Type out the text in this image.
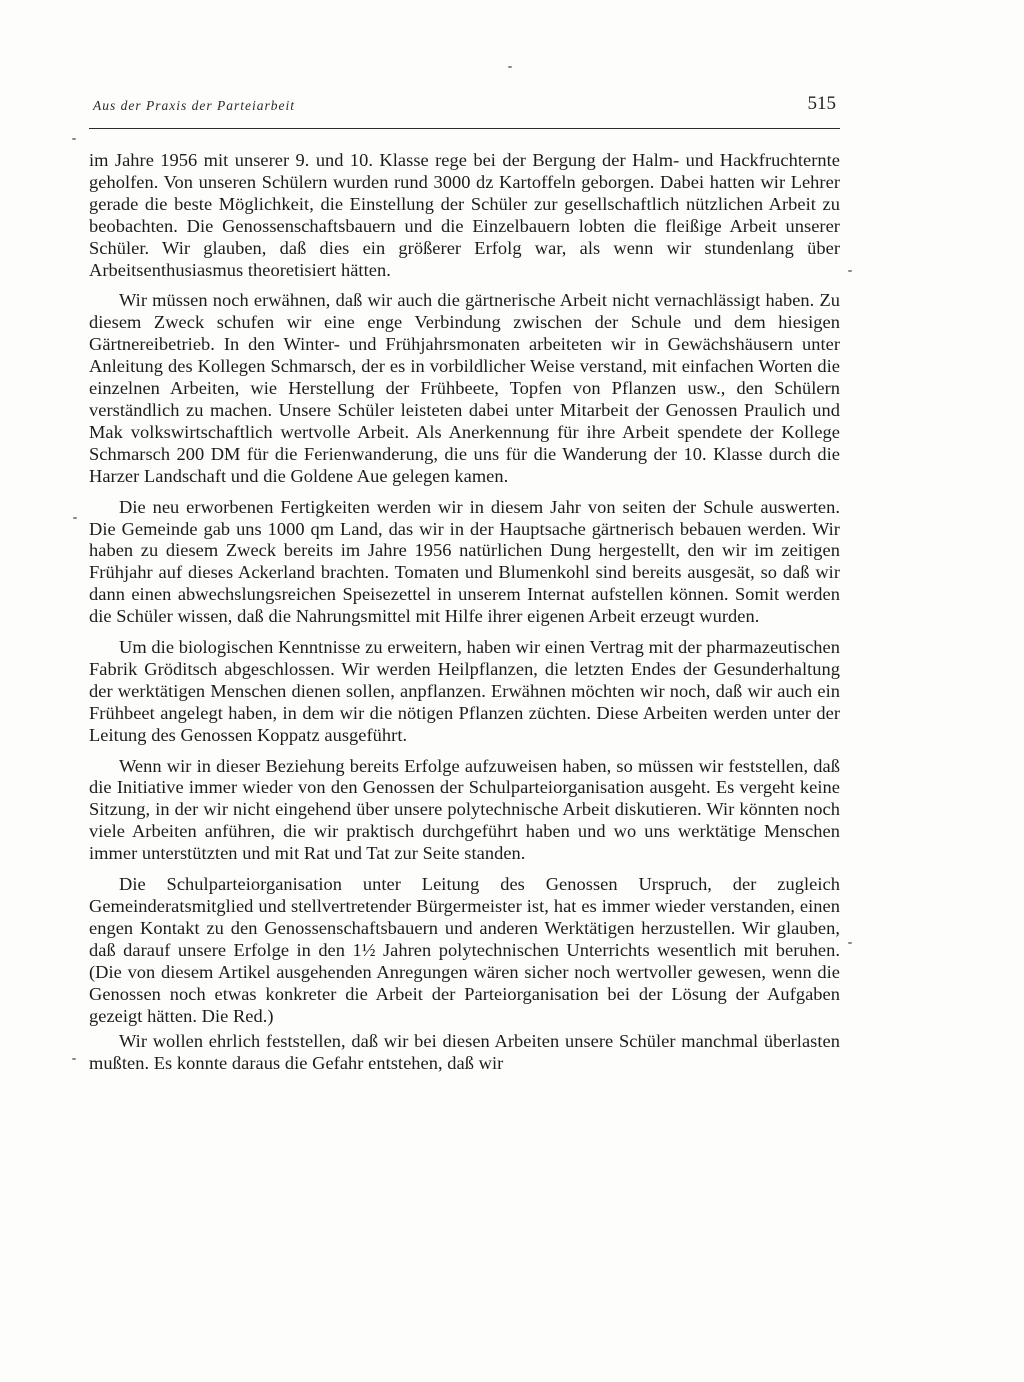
Aus der Praxis der Parteiarbeit	515

im Jahre 1956 mit unserer 9. und 10. Klasse rege bei der Bergung der Halm- und Hackfruchternte geholfen. Von unseren Schülern wurden rund 3000 dz Kartoffeln geborgen. Dabei hatten wir Lehrer gerade die beste Möglichkeit, die Einstellung der Schüler zur gesellschaftlich nützlichen Arbeit zu beobachten. Die Genossenschaftsbauern und die Einzelbauern lobten die fleißige Arbeit unserer Schüler. Wir glauben, daß dies ein größerer Erfolg war, als wenn wir stundenlang über Arbeitsenthusiasmus theoretisiert hätten.

Wir müssen noch erwähnen, daß wir auch die gärtnerische Arbeit nicht vernachlässigt haben. Zu diesem Zweck schufen wir eine enge Verbindung zwischen der Schule und dem hiesigen Gärtnereibetrieb. In den Winter- und Frühjahrsmonaten arbeiteten wir in Gewächshäusern unter Anleitung des Kollegen Schmarsch, der es in vorbildlicher Weise verstand, mit einfachen Worten die einzelnen Arbeiten, wie Herstellung der Frühbeete, Topfen von Pflanzen usw., den Schülern verständlich zu machen. Unsere Schüler leisteten dabei unter Mitarbeit der Genossen Praulich und Mak volkswirtschaftlich wertvolle Arbeit. Als Anerkennung für ihre Arbeit spendete der Kollege Schmarsch 200 DM für die Ferienwanderung, die uns für die Wanderung der 10. Klasse durch die Harzer Landschaft und die Goldene Aue gelegen kamen.

Die neu erworbenen Fertigkeiten werden wir in diesem Jahr von seiten der Schule auswerten. Die Gemeinde gab uns 1000 qm Land, das wir in der Hauptsache gärtnerisch bebauen werden. Wir haben zu diesem Zweck bereits im Jahre 1956 natürlichen Dung hergestellt, den wir im zeitigen Frühjahr auf dieses Ackerland brachten. Tomaten und Blumenkohl sind bereits ausgesät, so daß wir dann einen abwechslungsreichen Speisezettel in unserem Internat aufstellen können. Somit werden die Schüler wissen, daß die Nahrungsmittel mit Hilfe ihrer eigenen Arbeit erzeugt wurden.

Um die biologischen Kenntnisse zu erweitern, haben wir einen Vertrag mit der pharmazeutischen Fabrik Gröditsch abgeschlossen. Wir werden Heilpflanzen, die letzten Endes der Gesunderhaltung der werktätigen Menschen dienen sollen, anpflanzen. Erwähnen möchten wir noch, daß wir auch ein Frühbeet angelegt haben, in dem wir die nötigen Pflanzen züchten. Diese Arbeiten werden unter der Leitung des Genossen Koppatz ausgeführt.

Wenn wir in dieser Beziehung bereits Erfolge aufzuweisen haben, so müssen wir feststellen, daß die Initiative immer wieder von den Genossen der Schulparteiorganisation ausgeht. Es vergeht keine Sitzung, in der wir nicht eingehend über unsere polytechnische Arbeit diskutieren. Wir könnten noch viele Arbeiten anführen, die wir praktisch durchgeführt haben und wo uns werktätige Menschen immer unterstützten und mit Rat und Tat zur Seite standen.

Die Schulparteiorganisation unter Leitung des Genossen Urspruch, der zugleich Gemeinderatsmitglied und stellvertretender Bürgermeister ist, hat es immer wieder verstanden, einen engen Kontakt zu den Genossenschaftsbauern und anderen Werktätigen herzustellen. Wir glauben, daß darauf unsere Erfolge in den 1½ Jahren polytechnischen Unterrichts wesentlich mit beruhen. (Die von diesem Artikel ausgehenden Anregungen wären sicher noch wertvoller gewesen, wenn die Genossen noch etwas konkreter die Arbeit der Parteiorganisation bei der Lösung der Aufgaben gezeigt hätten. Die Red.)

Wir wollen ehrlich feststellen, daß wir bei diesen Arbeiten unsere Schüler manchmal überlasten mußten. Es konnte daraus die Gefahr entstehen, daß wir
